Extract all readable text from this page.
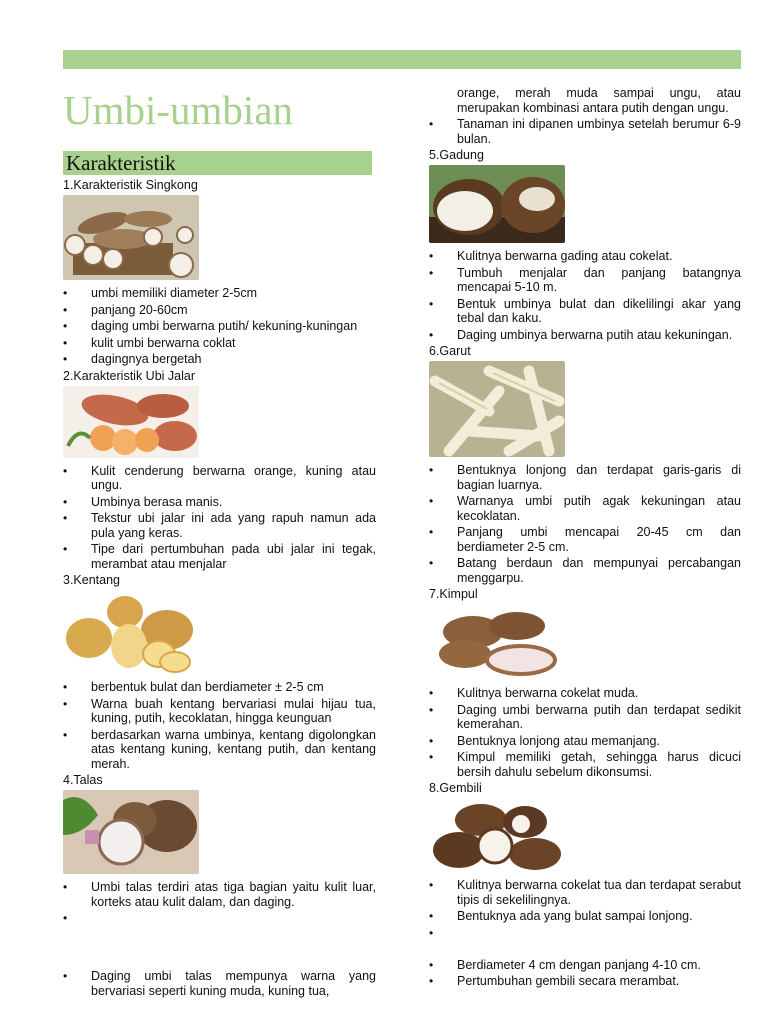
Umbi-umbian
Karakteristik

1.Karakteristik Singkong

• umbi memiliki diameter 2-5cm
• panjang 20-60cm
• daging umbi berwarna putih/ kekuning-kuningan
• kulit umbi berwarna coklat
• dagingnya bergetah

2.Karakteristik Ubi Jalar

• Kulit cenderung berwarna orange, kuning atau ungu.
• Umbinya berasa manis.
• Tekstur ubi jalar ini ada yang rapuh namun ada pula yang keras.
• Tipe dari pertumbuhan pada ubi jalar ini tegak, merambat atau menjalar

3.Kentang

• berbentuk bulat dan berdiameter ± 2-5 cm
• Warna buah kentang bervariasi mulai hijau tua, kuning, putih, kecoklatan, hingga keunguan
• berdasarkan warna umbinya, kentang digolongkan atas kentang kuning, kentang putih, dan kentang merah.

4.Talas

• Umbi talas terdiri atas tiga bagian yaitu kulit luar, korteks atau kulit dalam, dan daging.
•
• Daging umbi talas mempunya warna yang bervariasi seperti kuning muda, kuning tua,
orange, merah muda sampai ungu, atau merupakan kombinasi antara putih dengan ungu.
• Tanaman ini dipanen umbinya setelah berumur 6-9 bulan.

5.Gadung

• Kulitnya berwarna gading atau cokelat.
• Tumbuh menjalar dan panjang batangnya mencapai 5-10 m.
• Bentuk umbinya bulat dan dikelilingi akar yang tebal dan kaku.
• Daging umbinya berwarna putih atau kekuningan.

6.Garut

• Bentuknya lonjong dan terdapat garis-garis di bagian luarnya.
• Warnanya umbi putih agak kekuningan atau kecoklatan.
• Panjang umbi mencapai 20-45 cm dan berdiameter 2-5 cm.
• Batang berdaun dan mempunyai percabangan menggarpu.

7.Kimpul

• Kulitnya berwarna cokelat muda.
• Daging umbi berwarna putih dan terdapat sedikit kemerahan.
• Bentuknya lonjong atau memanjang.
• Kimpul memiliki getah, sehingga harus dicuci bersih dahulu sebelum dikonsumsi.

8.Gembili

• Kulitnya berwarna cokelat tua dan terdapat serabut tipis di sekelilingnya.
• Bentuknya ada yang bulat sampai lonjong.
•
• Berdiameter 4 cm dengan panjang 4-10 cm.
• Pertumbuhan gembili secara merambat.
